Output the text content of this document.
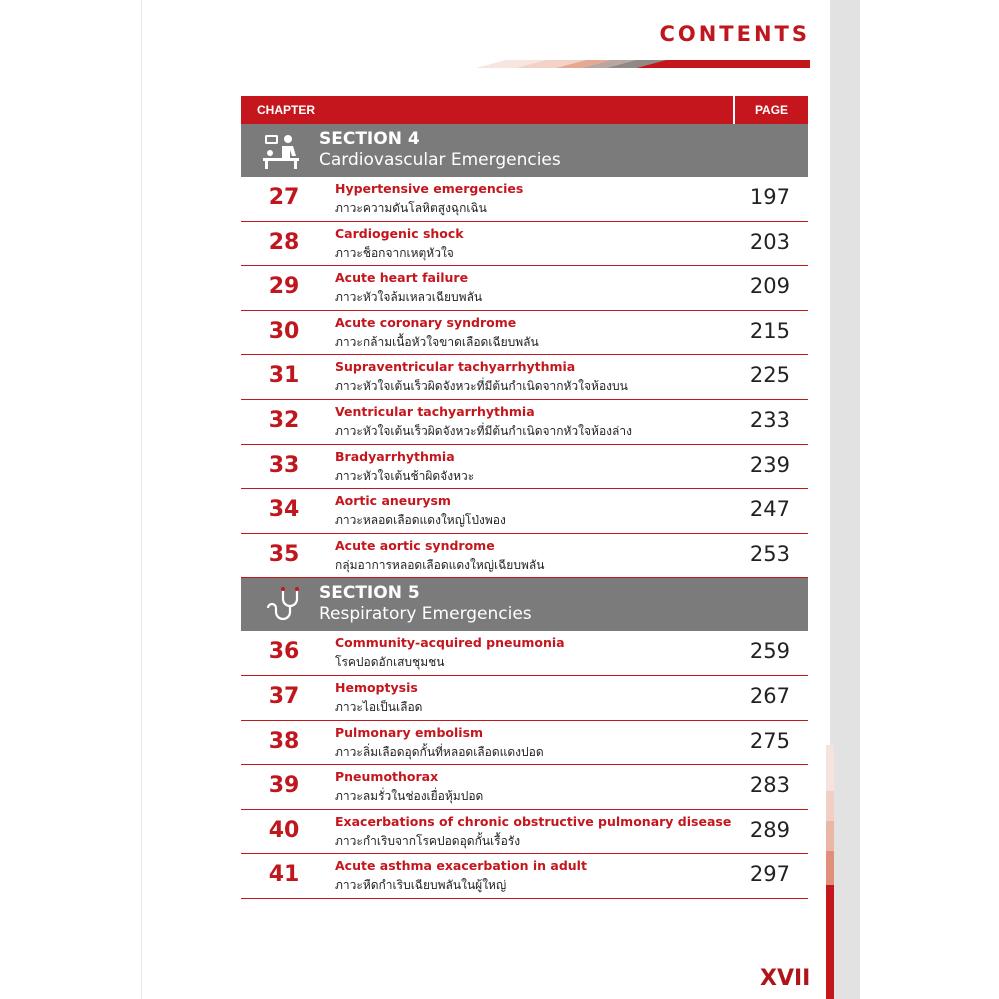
CONTENTS
CHAPTER	PAGE
SECTION 4
Cardiovascular Emergencies
27	Hypertensive emergencies
ภาวะความดันโลหิตสูงฉุกเฉิน	197
28	Cardiogenic shock
ภาวะช็อกจากเหตุหัวใจ	203
29	Acute heart failure
ภาวะหัวใจล้มเหลวเฉียบพลัน	209
30	Acute coronary syndrome
ภาวะกล้ามเนื้อหัวใจขาดเลือดเฉียบพลัน	215
31	Supraventricular tachyarrhythmia
ภาวะหัวใจเต้นเร็วผิดจังหวะที่มีต้นกำเนิดจากหัวใจห้องบน	225
32	Ventricular tachyarrhythmia
ภาวะหัวใจเต้นเร็วผิดจังหวะที่มีต้นกำเนิดจากหัวใจห้องล่าง	233
33	Bradyarrhythmia
ภาวะหัวใจเต้นช้าผิดจังหวะ	239
34	Aortic aneurysm
ภาวะหลอดเลือดแดงใหญ่โป่งพอง	247
35	Acute aortic syndrome
กลุ่มอาการหลอดเลือดแดงใหญ่เฉียบพลัน	253
SECTION 5
Respiratory Emergencies
36	Community-acquired pneumonia
โรคปอดอักเสบชุมชน	259
37	Hemoptysis
ภาวะไอเป็นเลือด	267
38	Pulmonary embolism
ภาวะลิ่มเลือดอุดกั้นที่หลอดเลือดแดงปอด	275
39	Pneumothorax
ภาวะลมรั่วในช่องเยื่อหุ้มปอด	283
40	Exacerbations of chronic obstructive pulmonary disease
ภาวะกำเริบจากโรคปอดอุดกั้นเรื้อรัง	289
41	Acute asthma exacerbation in adult
ภาวะหืดกำเริบเฉียบพลันในผู้ใหญ่	297
XVII
